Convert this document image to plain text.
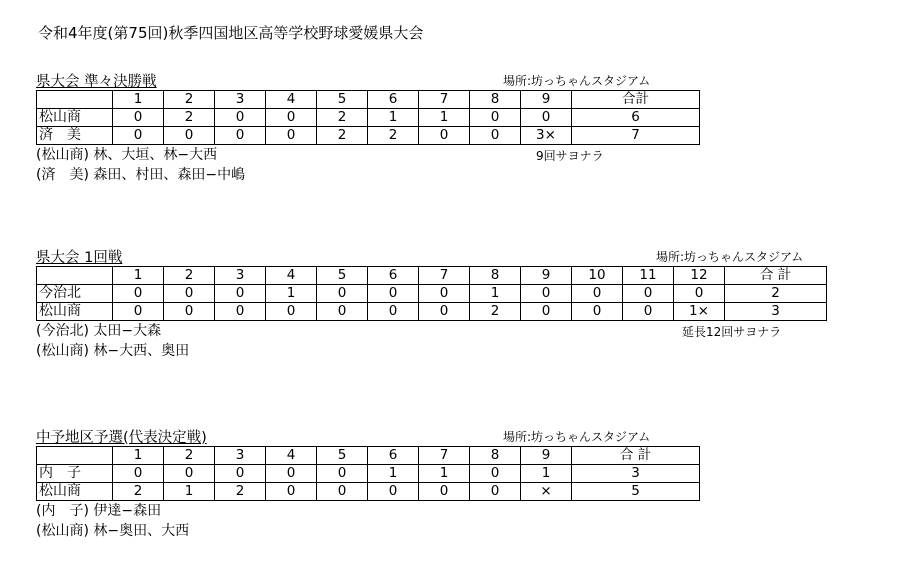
令和4年度(第75回)秋季四国地区高等学校野球愛媛県大会
県大会 準々決勝戦	場所:坊っちゃんスタジアム
	1	2	3	4	5	6	7	8	9	合計
松山商	0	2	0	0	2	1	1	0	0	6
済　美	0	0	0	0	2	2	0	0	3×	7
(松山商) 林、大垣、林−大西
(済　美) 森田、村田、森田−中嶋
9回サヨナラ
県大会 1回戦	場所:坊っちゃんスタジアム
	1	2	3	4	5	6	7	8	9	10	11	12	合 計
今治北	0	0	0	1	0	0	0	1	0	0	0	0	2
松山商	0	0	0	0	0	0	0	2	0	0	0	1×	3
(今治北) 太田−大森
(松山商) 林−大西、奥田
延長12回サヨナラ
中予地区予選(代表決定戦)	場所:坊っちゃんスタジアム
	1	2	3	4	5	6	7	8	9	合 計
内　子	0	0	0	0	0	1	1	0	1	3
松山商	2	1	2	0	0	0	0	0	×	5
(内　子) 伊達−森田
(松山商) 林−奥田、大西
